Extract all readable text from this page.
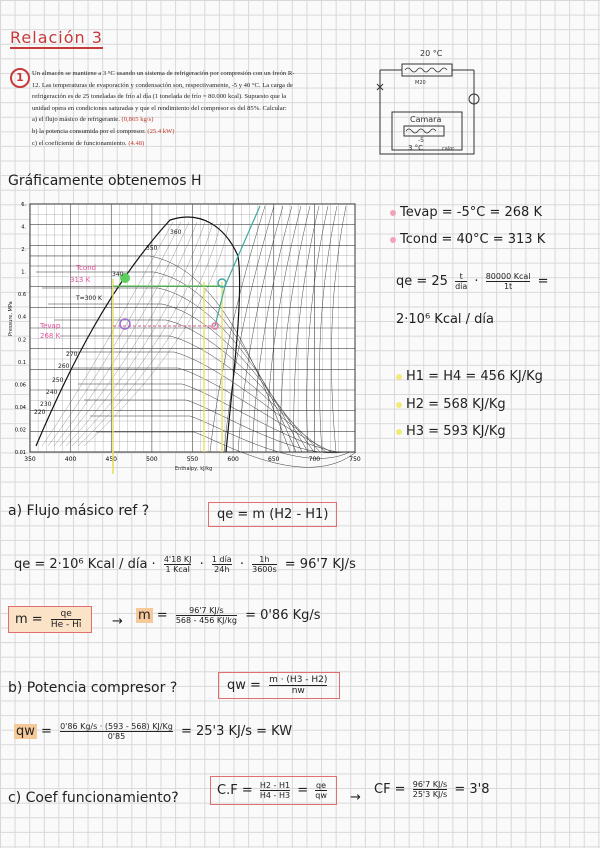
Relación 3
1	Un almacén se mantiene a 3 °C usando un sistema de refrigeración por compresión con un freón R-
12. Las temperaturas de evaporación y condensación son, respectivamente, -5 y 40 °C. La carga de
refrigeración es de 25 toneladas de frío al día (1 tonelada de frío = 80.000 kcal). Supuesto que la
unidad opera en condiciones saturadas y que el rendimiento del compresor es del 85%. Calcular:
a) el flujo másico de refrigerante. (0,865 kg/s)
b) la potencia consumida por el compresor. (25.4 kW)
c) el coeficiente de funcionamiento. (4.48)
20 °C
M20
Camara
-5
3 °C	calor
Gráficamente obtenemos H
6.
4.
2.
1.
0.6
0.4
0.2
0.1
0.06
0.04
0.02
0.01
350	400	450	500	550	600	650	700	750
Pressure, MPa
Enthalpy, kJ/kg
Tcond
313 K
Tevap
268 K
T=300 K
360
350
340
250
220
230
240
260
270
Tevap = -5°C = 268 K
Tcond = 40°C = 313 K
qe = 25	t
día · 80000 Kcal
1t	=
2·10⁶ Kcal / día
H1 = H4 = 456 KJ/Kg
H2 = 568 KJ/Kg
H3 = 593 KJ/Kg
a) Flujo másico ref ?	qe = m (H2 - H1)
qe = 2·10⁶ Kcal / día · 4'18 KJ
1 Kcal · 1 día
$24h \cdot \frac{1h}{3600s} = 96'7$ KJ/s
$m = \frac{qe}{He - Hi} \to m = \frac{96'7 KJ/s}{568 - 456 KJ/kg} = 0'86$ Kg/s
b) Potencia compresor ?	qw = $\frac{m \cdot (H3 - H2)}{nw}$
qw = $\frac{0'86 Kg/s \cdot (593 - 568) KJ/Kg}{0'85} = 25'3$ KJ/s = KW
c) Coef funcionamiento?	$C.F = \frac{H2 - H1}{H4 - H3} = \frac{qe}{qw}$ →
CF = $\frac{96'7 KJ/s}{25'3 KJ/s} = 3'8$
